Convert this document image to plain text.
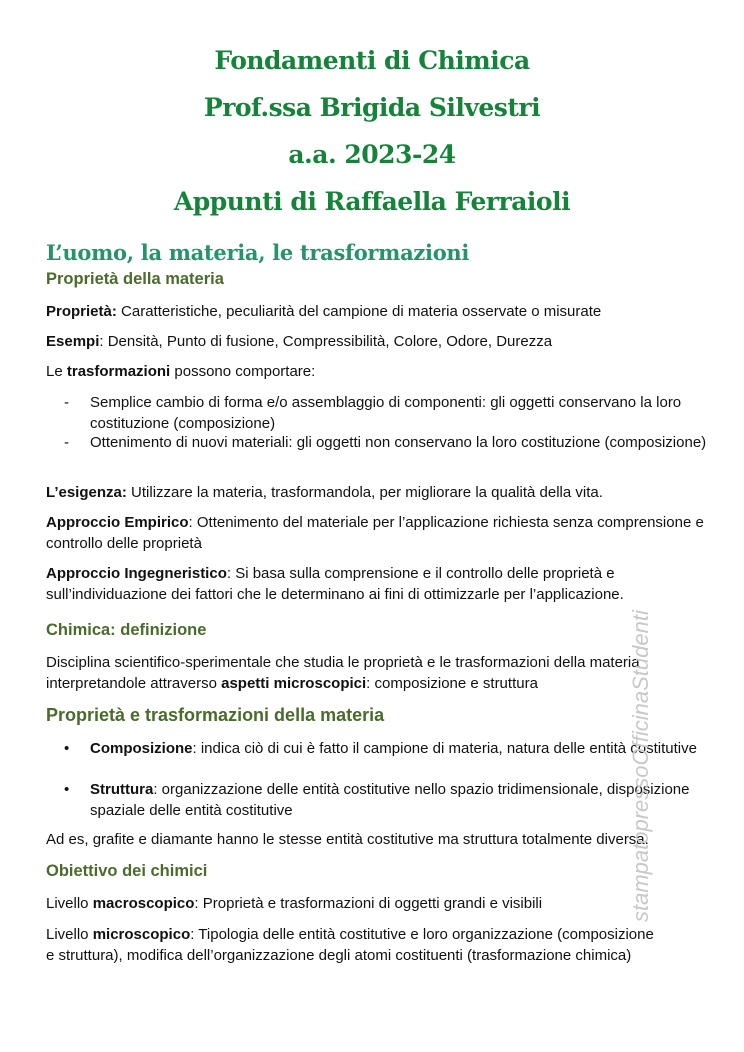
Fondamenti di Chimica
Prof.ssa Brigida Silvestri
a.a. 2023-24
Appunti di Raffaella Ferraioli
L’uomo, la materia, le trasformazioni
Proprietà della materia
Proprietà: Caratteristiche, peculiarità del campione di materia osservate o misurate
Esempi: Densità, Punto di fusione, Compressibilità, Colore, Odore, Durezza
Le trasformazioni possono comportare:
- Semplice cambio di forma e/o assemblaggio di componenti: gli oggetti conservano la loro costituzione (composizione)
- Ottenimento di nuovi materiali: gli oggetti non conservano la loro costituzione (composizione)
L’esigenza: Utilizzare la materia, trasformandola, per migliorare la qualità della vita.
Approccio Empirico: Ottenimento del materiale per l’applicazione richiesta senza comprensione e controllo delle proprietà
Approccio Ingegneristico: Si basa sulla comprensione e il controllo delle proprietà e sull’individuazione dei fattori che le determinano ai fini di ottimizzarle per l’applicazione.
Chimica: definizione
Disciplina scientifico-sperimentale che studia le proprietà e le trasformazioni della materia interpretandole attraverso aspetti microscopici: composizione e struttura
Proprietà e trasformazioni della materia
• Composizione: indica ciò di cui è fatto il campione di materia, natura delle entità costitutive
• Struttura: organizzazione delle entità costitutive nello spazio tridimensionale, disposizione spaziale delle entità costitutive
Ad es, grafite e diamante hanno le stesse entità costitutive ma struttura totalmente diversa.
Obiettivo dei chimici
Livello macroscopico: Proprietà e trasformazioni di oggetti grandi e visibili
Livello microscopico: Tipologia delle entità costitutive e loro organizzazione (composizione e struttura), modifica dell’organizzazione degli atomi costituenti (trasformazione chimica)
stampatopressoOfficinaStudenti
